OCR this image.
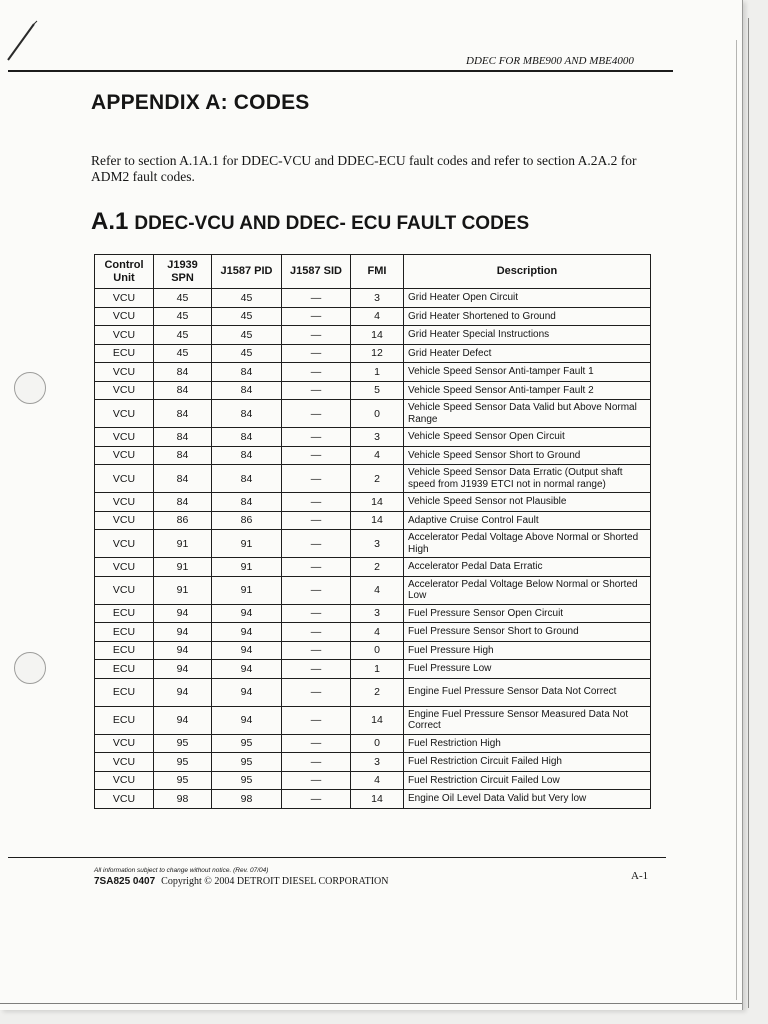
DDEC FOR MBE900 AND MBE4000
APPENDIX A: CODES

Refer to section A.1A.1 for DDEC-VCU and DDEC-ECU fault codes and refer to section A.2A.2 for ADM2 fault codes.

A.1 DDEC-VCU AND DDEC- ECU FAULT CODES
Control Unit	J1939 SPN	J1587 PID	J1587 SID	FMI	Description
VCU	45	45	—	3	Grid Heater Open Circuit
VCU	45	45	—	4	Grid Heater Shortened to Ground
VCU	45	45	—	14	Grid Heater Special Instructions
ECU	45	45	—	12	Grid Heater Defect
VCU	84	84	—	1	Vehicle Speed Sensor Anti-tamper Fault 1
VCU	84	84	—	5	Vehicle Speed Sensor Anti-tamper Fault 2
VCU	84	84	—	0	Vehicle Speed Sensor Data Valid but Above Normal Range
VCU	84	84	—	3	Vehicle Speed Sensor Open Circuit
VCU	84	84	—	4	Vehicle Speed Sensor Short to Ground
VCU	84	84	—	2	Vehicle Speed Sensor Data Erratic (Output shaft speed from J1939 ETCI not in normal range)
VCU	84	84	—	14	Vehicle Speed Sensor not Plausible
VCU	86	86	—	14	Adaptive Cruise Control Fault
VCU	91	91	—	3	Accelerator Pedal Voltage Above Normal or Shorted High
VCU	91	91	—	2	Accelerator Pedal Data Erratic
VCU	91	91	—	4	Accelerator Pedal Voltage Below Normal or Shorted Low
ECU	94	94	—	3	Fuel Pressure Sensor Open Circuit
ECU	94	94	—	4	Fuel Pressure Sensor Short to Ground
ECU	94	94	—	0	Fuel Pressure High
ECU	94	94	—	1	Fuel Pressure Low
ECU	94	94	—	2	Engine Fuel Pressure Sensor Data Not Correct
ECU	94	94	—	14	Engine Fuel Pressure Sensor Measured Data Not Correct
VCU	95	95	—	0	Fuel Restriction High
VCU	95	95	—	3	Fuel Restriction Circuit Failed High
VCU	95	95	—	4	Fuel Restriction Circuit Failed Low
VCU	98	98	—	14	Engine Oil Level Data Valid but Very low
All information subject to change without notice. (Rev. 07/04)
7SA825 0407 Copyright © 2004 DETROIT DIESEL CORPORATION	A-1
